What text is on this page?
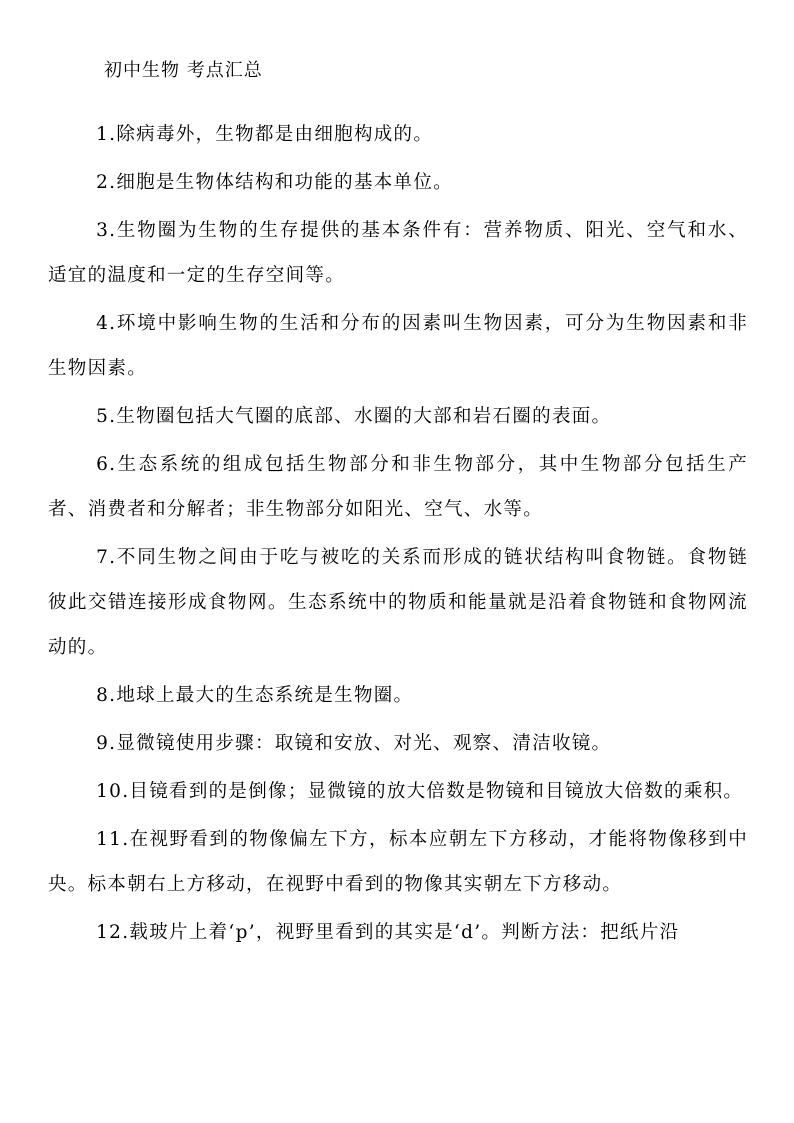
初中生物 考点汇总

1.除病毒外，生物都是由细胞构成的。

2.细胞是生物体结构和功能的基本单位。

3.生物圈为生物的生存提供的基本条件有：营养物质、阳光、空气和水、适宜的温度和一定的生存空间等。

4.环境中影响生物的生活和分布的因素叫生物因素，可分为生物因素和非生物因素。

5.生物圈包括大气圈的底部、水圈的大部和岩石圈的表面。

6.生态系统的组成包括生物部分和非生物部分，其中生物部分包括生产者、消费者和分解者；非生物部分如阳光、空气、水等。

7.不同生物之间由于吃与被吃的关系而形成的链状结构叫食物链。食物链彼此交错连接形成食物网。生态系统中的物质和能量就是沿着食物链和食物网流动的。

8.地球上最大的生态系统是生物圈。

9.显微镜使用步骤：取镜和安放、对光、观察、清洁收镜。

10.目镜看到的是倒像；显微镜的放大倍数是物镜和目镜放大倍数的乘积。

11.在视野看到的物像偏左下方，标本应朝左下方移动，才能将物像移到中央。标本朝右上方移动，在视野中看到的物像其实朝左下方移动。

12.载玻片上着‘p’，视野里看到的其实是‘d’。判断方法：把纸片沿
